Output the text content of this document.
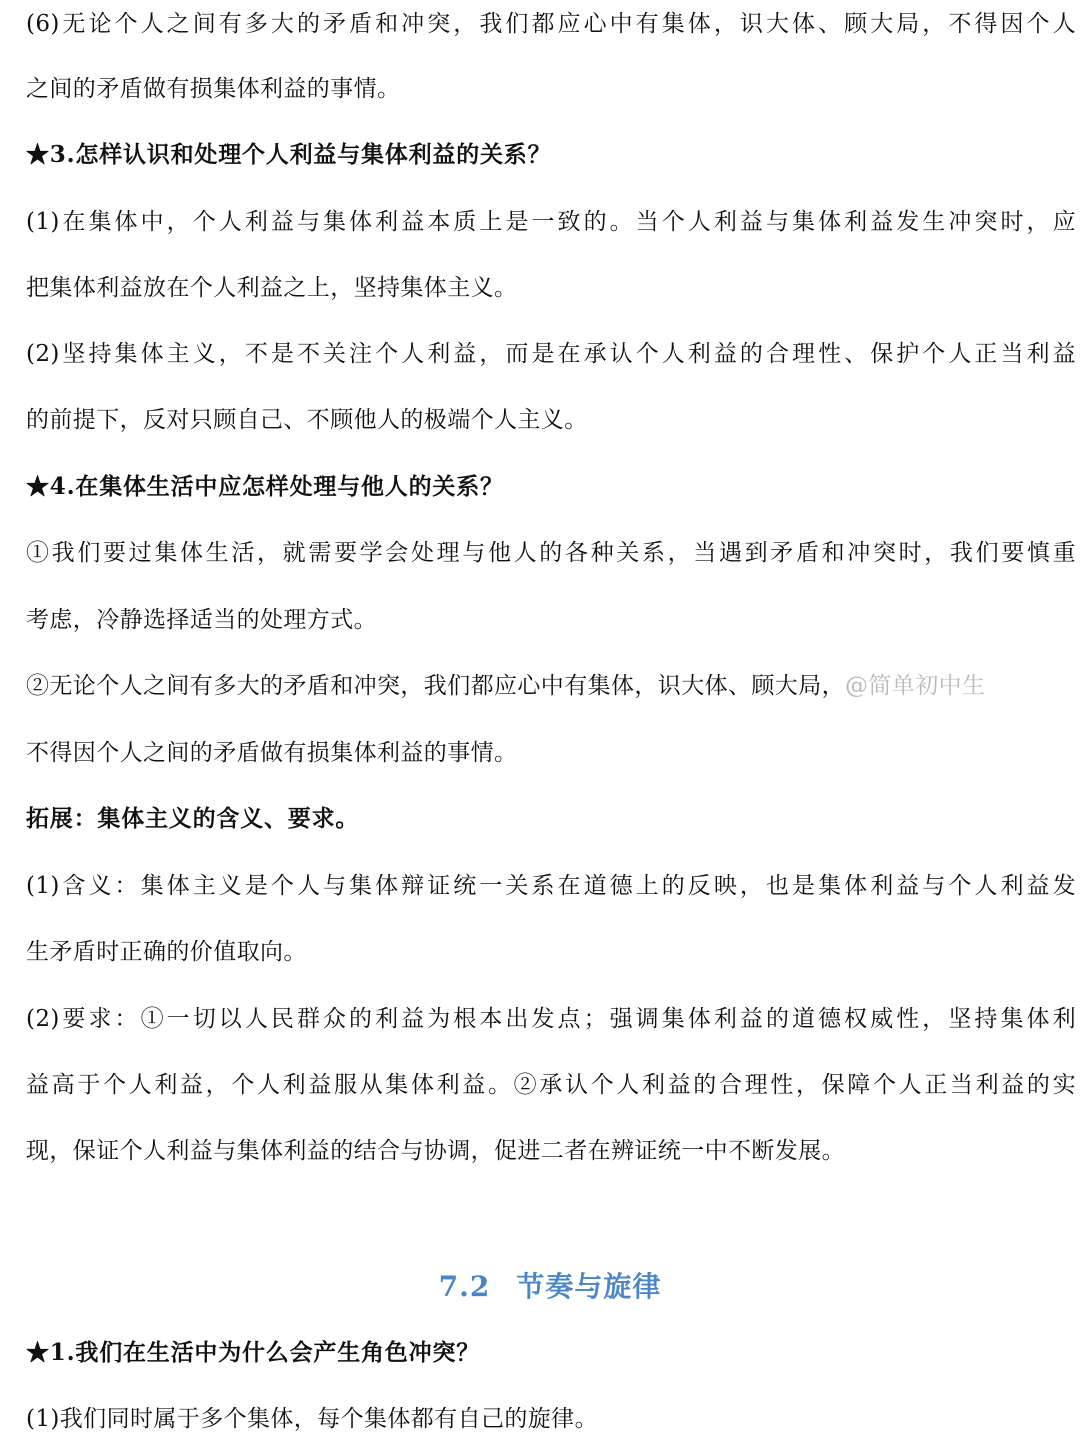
(6)无论个人之间有多大的矛盾和冲突，我们都应心中有集体，识大体、顾大局，不得因个人
之间的矛盾做有损集体利益的事情。
★3.怎样认识和处理个人利益与集体利益的关系？
(1)在集体中，个人利益与集体利益本质上是一致的。当个人利益与集体利益发生冲突时，应
把集体利益放在个人利益之上，坚持集体主义。
(2)坚持集体主义，不是不关注个人利益，而是在承认个人利益的合理性、保护个人正当利益
的前提下，反对只顾自己、不顾他人的极端个人主义。
★4.在集体生活中应怎样处理与他人的关系？
①我们要过集体生活，就需要学会处理与他人的各种关系，当遇到矛盾和冲突时，我们要慎重
考虑，冷静选择适当的处理方式。
②无论个人之间有多大的矛盾和冲突，我们都应心中有集体，识大体、顾大局，@简单初中生
不得因个人之间的矛盾做有损集体利益的事情。
拓展：集体主义的含义、要求。
(1)含义：集体主义是个人与集体辩证统一关系在道德上的反映，也是集体利益与个人利益发
生矛盾时正确的价值取向。
(2)要求：①一切以人民群众的利益为根本出发点；强调集体利益的道德权威性，坚持集体利
益高于个人利益，个人利益服从集体利益。②承认个人利益的合理性，保障个人正当利益的实
现，保证个人利益与集体利益的结合与协调，促进二者在辨证统一中不断发展。
7.2 节奏与旋律
★1.我们在生活中为什么会产生角色冲突？
(1)我们同时属于多个集体，每个集体都有自己的旋律。
